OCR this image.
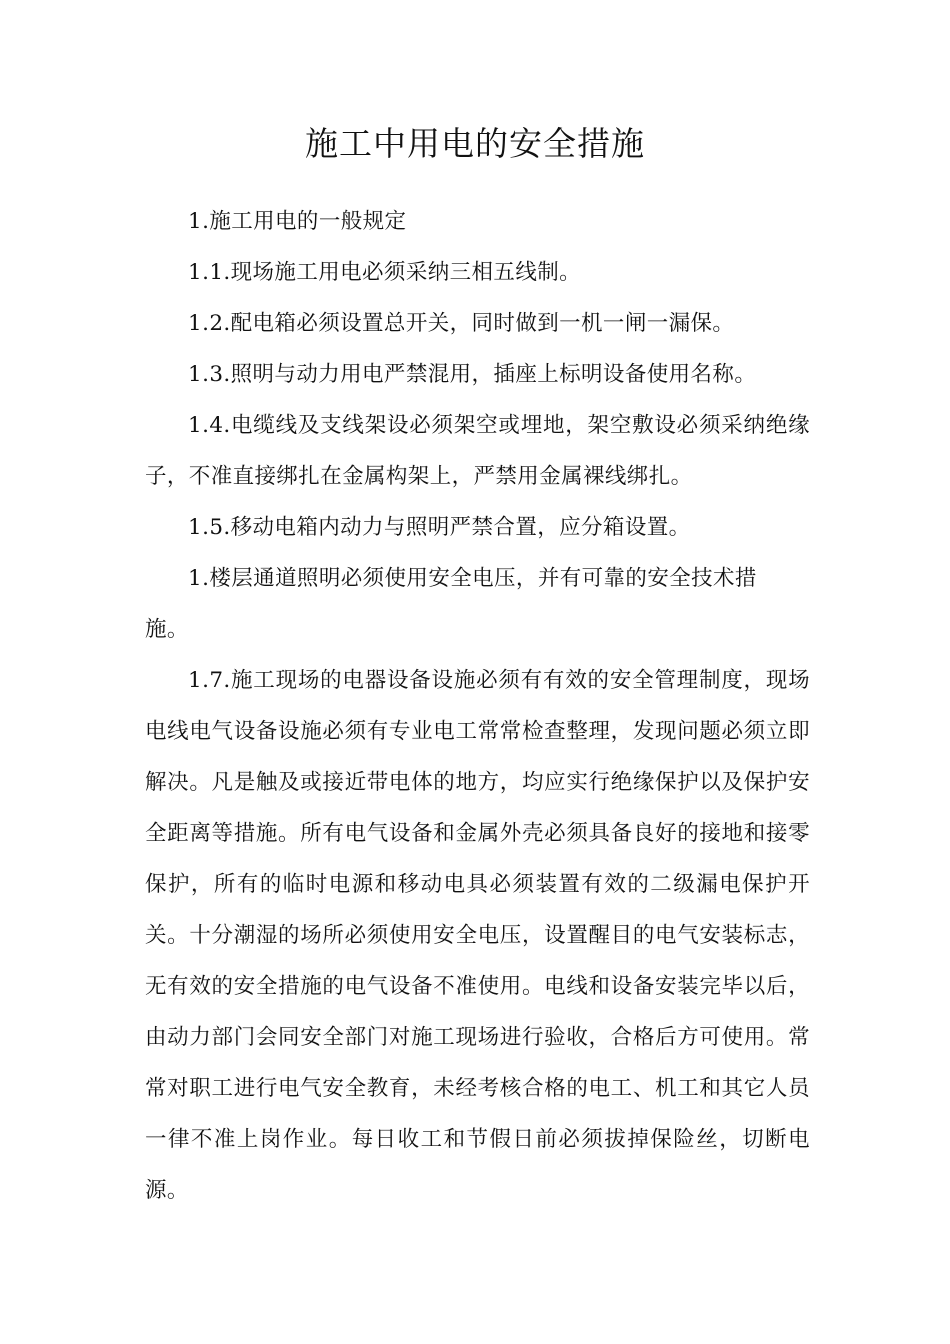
施工中用电的安全措施

1.施工用电的一般规定

1.1.现场施工用电必须采纳三相五线制。

1.2.配电箱必须设置总开关，同时做到一机一闸一漏保。

1.3.照明与动力用电严禁混用，插座上标明设备使用名称。

1.4.电缆线及支线架设必须架空或埋地，架空敷设必须采纳绝缘子，不准直接绑扎在金属构架上，严禁用金属裸线绑扎。

1.5.移动电箱内动力与照明严禁合置，应分箱设置。

1.楼层通道照明必须使用安全电压，并有可靠的安全技术措施。

1.7.施工现场的电器设备设施必须有有效的安全管理制度，现场电线电气设备设施必须有专业电工常常检查整理，发现问题必须立即解决。凡是触及或接近带电体的地方，均应实行绝缘保护以及保护安全距离等措施。所有电气设备和金属外壳必须具备良好的接地和接零保护，所有的临时电源和移动电具必须装置有效的二级漏电保护开关。十分潮湿的场所必须使用安全电压，设置醒目的电气安装标志，无有效的安全措施的电气设备不准使用。电线和设备安装完毕以后，由动力部门会同安全部门对施工现场进行验收，合格后方可使用。常常对职工进行电气安全教育，未经考核合格的电工、机工和其它人员一律不准上岗作业。每日收工和节假日前必须拔掉保险丝，切断电源。
